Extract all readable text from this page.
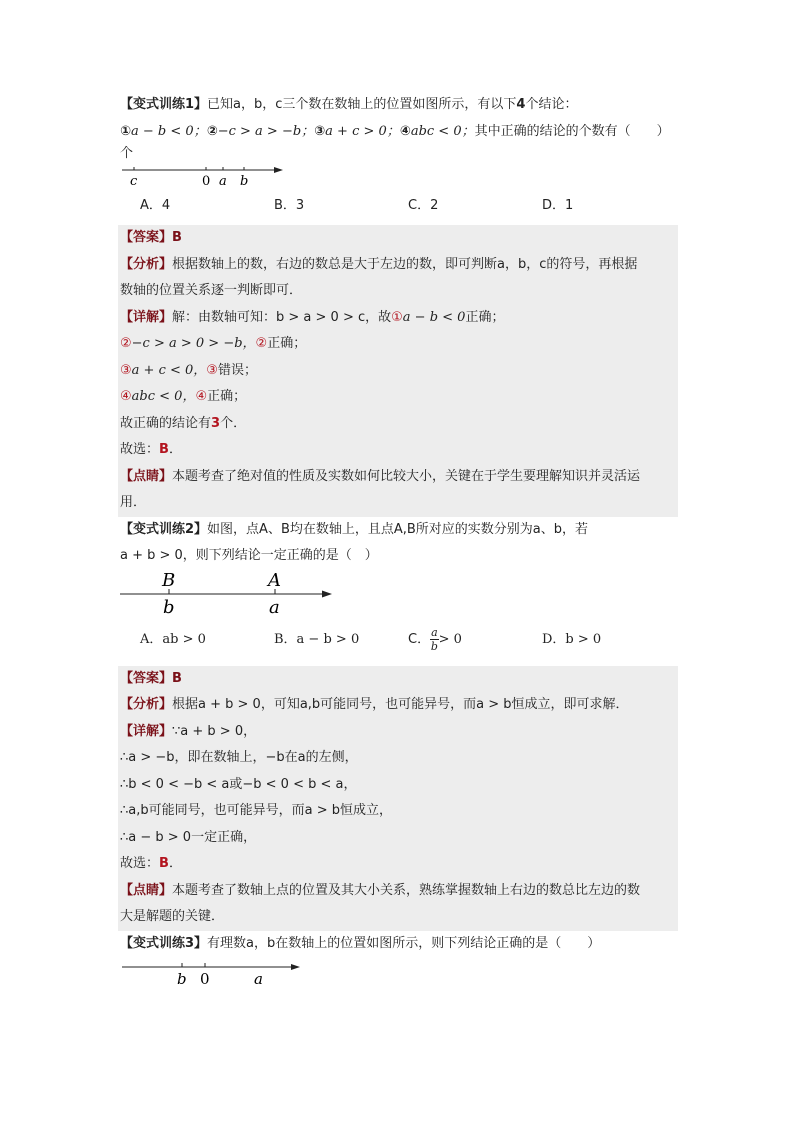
【变式训练1】已知a，b，c三个数在数轴上的位置如图所示，有以下4个结论：
①a − b < 0；②−c > a > −b；③a + c > 0；④abc < 0；其中正确的结论的个数有（　　）
个
c	0 a b
A．4	B．3	C．2	D．1
【答案】B
【分析】根据数轴上的数，右边的数总是大于左边的数，即可判断a，b，c的符号，再根据
数轴的位置关系逐一判断即可．
【详解】解：由数轴可知：b > a > 0 > c，故①a − b < 0正确；
②−c > a > 0 > −b，②正确；
③a + c < 0，③错误；
④abc < 0，④正确；
故正确的结论有3个．
故选：B．
【点睛】本题考查了绝对值的性质及实数如何比较大小，关键在于学生要理解知识并灵活运
用．
【变式训练2】如图，点A、B均在数轴上，且点A,B所对应的实数分别为a、b，若
a + b > 0，则下列结论一定正确的是（　）
B
b
A
a
A．ab > 0	B．a − b > 0	C． $\frac{a}{b} > 0$	D．b > 0
【答案】B
【分析】根据a + b > 0，可知a,b可能同号，也可能异号，而a > b恒成立，即可求解．
【详解】∵a + b > 0，
∴a > −b，即在数轴上，−b在a的左侧，
∴b < 0 < −b < a或−b < 0 < b < a，
∴a,b可能同号，也可能异号，而a > b恒成立，
∴a − b > 0一定正确，
故选：B．
【点睛】本题考查了数轴上点的位置及其大小关系，熟练掌握数轴上右边的数总比左边的数
大是解题的关键．
【变式训练3】有理数a，b在数轴上的位置如图所示，则下列结论正确的是（　　）
b 0	a
